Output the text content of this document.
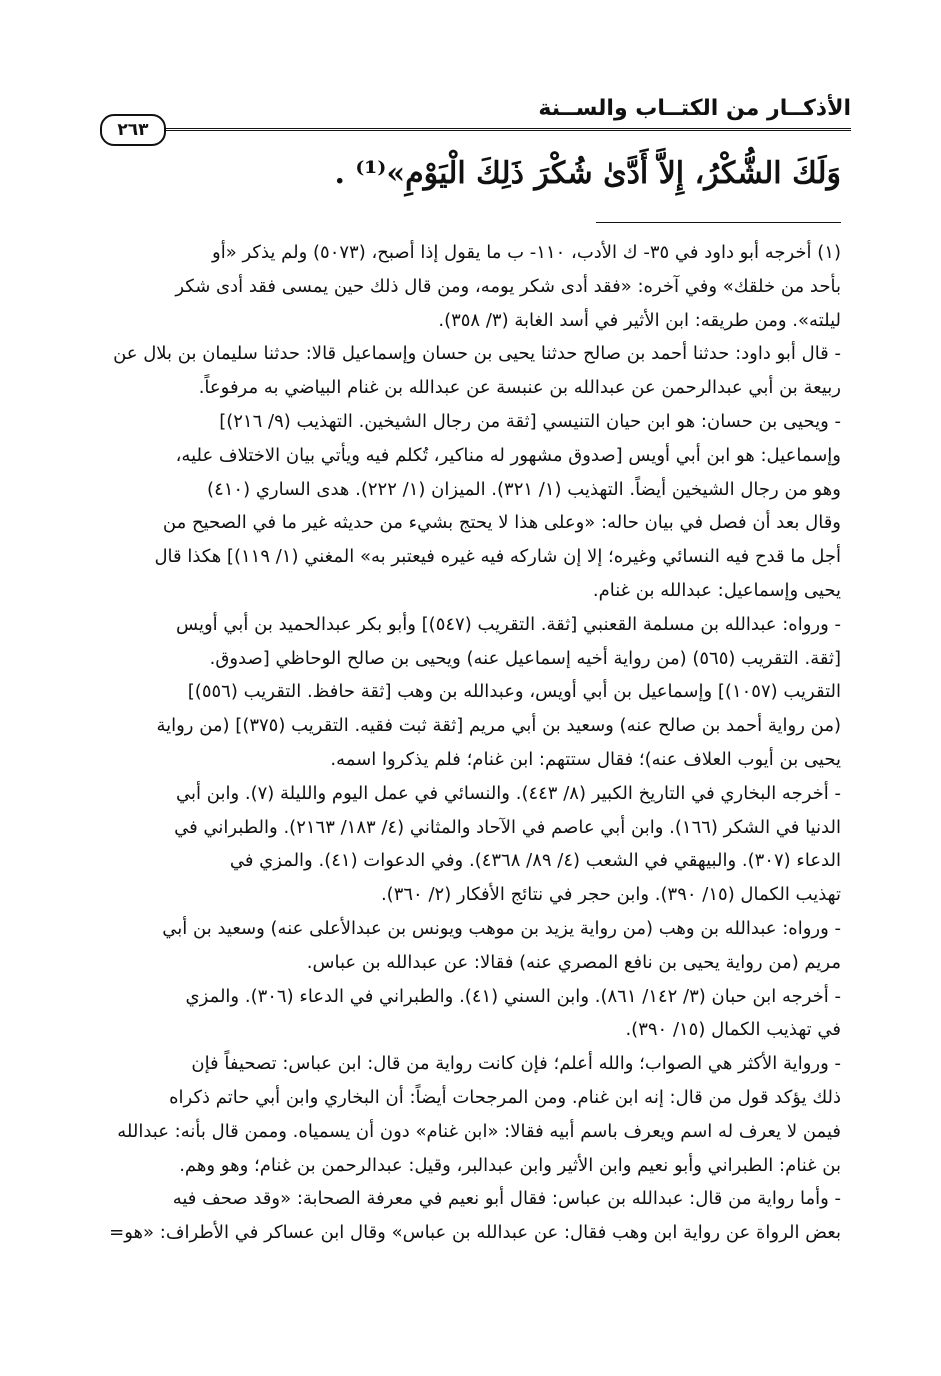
الأذكــار من الكتــاب والســنة
٢٦٣
وَلَكَ الشُّكْرُ، إِلاَّ أَدَّىٰ شُكْرَ ذَلِكَ الْيَوْمِ»⁽¹⁾ .
(١) أخرجه أبو داود في ٣٥- ك الأدب، ١١٠- ب ما يقول إذا أصبح، (٥٠٧٣) ولم يذكر «أو
بأحد من خلقك» وفي آخره: «فقد أدى شكر يومه، ومن قال ذلك حين يمسى فقد أدى شكر
ليلته». ومن طريقه: ابن الأثير في أسد الغابة (٣/ ٣٥٨).
- قال أبو داود: حدثنا أحمد بن صالح حدثنا يحيى بن حسان وإسماعيل قالا: حدثنا سليمان بن بلال عن
ربيعة بن أبي عبدالرحمن عن عبدالله بن عنبسة عن عبدالله بن غنام البياضي به مرفوعاً.
- ويحيى بن حسان: هو ابن حيان التنيسي [ثقة من رجال الشيخين. التهذيب (٩/ ٢١٦)]
وإسماعيل: هو ابن أبي أويس [صدوق مشهور له مناكير، تُكلم فيه ويأتي بيان الاختلاف عليه،
وهو من رجال الشيخين أيضاً. التهذيب (١/ ٣٢١). الميزان (١/ ٢٢٢). هدى الساري (٤١٠)
وقال بعد أن فصل في بيان حاله: «وعلى هذا لا يحتج بشيء من حديثه غير ما في الصحيح من
أجل ما قدح فيه النسائي وغيره؛ إلا إن شاركه فيه غيره فيعتبر به» المغني (١/ ١١٩)] هكذا قال
يحيى وإسماعيل: عبدالله بن غنام.
- ورواه: عبدالله بن مسلمة القعنبي [ثقة. التقريب (٥٤٧)] وأبو بكر عبدالحميد بن أبي أويس
[ثقة. التقريب (٥٦٥) (من رواية أخيه إسماعيل عنه) ويحيى بن صالح الوحاظي [صدوق.
التقريب (١٠٥٧)] وإسماعيل بن أبي أويس، وعبدالله بن وهب [ثقة حافظ. التقريب (٥٥٦)]
(من رواية أحمد بن صالح عنه) وسعيد بن أبي مريم [ثقة ثبت فقيه. التقريب (٣٧٥)] (من رواية
يحيى بن أيوب العلاف عنه)؛ فقال ستتهم: ابن غنام؛ فلم يذكروا اسمه.
- أخرجه البخاري في التاريخ الكبير (٨/ ٤٤٣). والنسائي في عمل اليوم والليلة (٧). وابن أبي
الدنيا في الشكر (١٦٦). وابن أبي عاصم في الآحاد والمثاني (٤/ ١٨٣/ ٢١٦٣). والطبراني في
الدعاء (٣٠٧). والبيهقي في الشعب (٤/ ٨٩/ ٤٣٦٨). وفي الدعوات (٤١). والمزي في
تهذيب الكمال (١٥/ ٣٩٠). وابن حجر في نتائج الأفكار (٢/ ٣٦٠).
- ورواه: عبدالله بن وهب (من رواية يزيد بن موهب ويونس بن عبدالأعلى عنه) وسعيد بن أبي
مريم (من رواية يحيى بن نافع المصري عنه) فقالا: عن عبدالله بن عباس.
- أخرجه ابن حبان (٣/ ١٤٢/ ٨٦١). وابن السني (٤١). والطبراني في الدعاء (٣٠٦). والمزي
في تهذيب الكمال (١٥/ ٣٩٠).
- ورواية الأكثر هي الصواب؛ والله أعلم؛ فإن كانت رواية من قال: ابن عباس: تصحيفاً فإن
ذلك يؤكد قول من قال: إنه ابن غنام. ومن المرجحات أيضاً: أن البخاري وابن أبي حاتم ذكراه
فيمن لا يعرف له اسم ويعرف باسم أبيه فقالا: «ابن غنام» دون أن يسمياه. وممن قال بأنه: عبدالله
بن غنام: الطبراني وأبو نعيم وابن الأثير وابن عبدالبر، وقيل: عبدالرحمن بن غنام؛ وهو وهم.
- وأما رواية من قال: عبدالله بن عباس: فقال أبو نعيم في معرفة الصحابة: «وقد صحف فيه
بعض الرواة عن رواية ابن وهب فقال: عن عبدالله بن عباس» وقال ابن عساكر في الأطراف: «هو=
